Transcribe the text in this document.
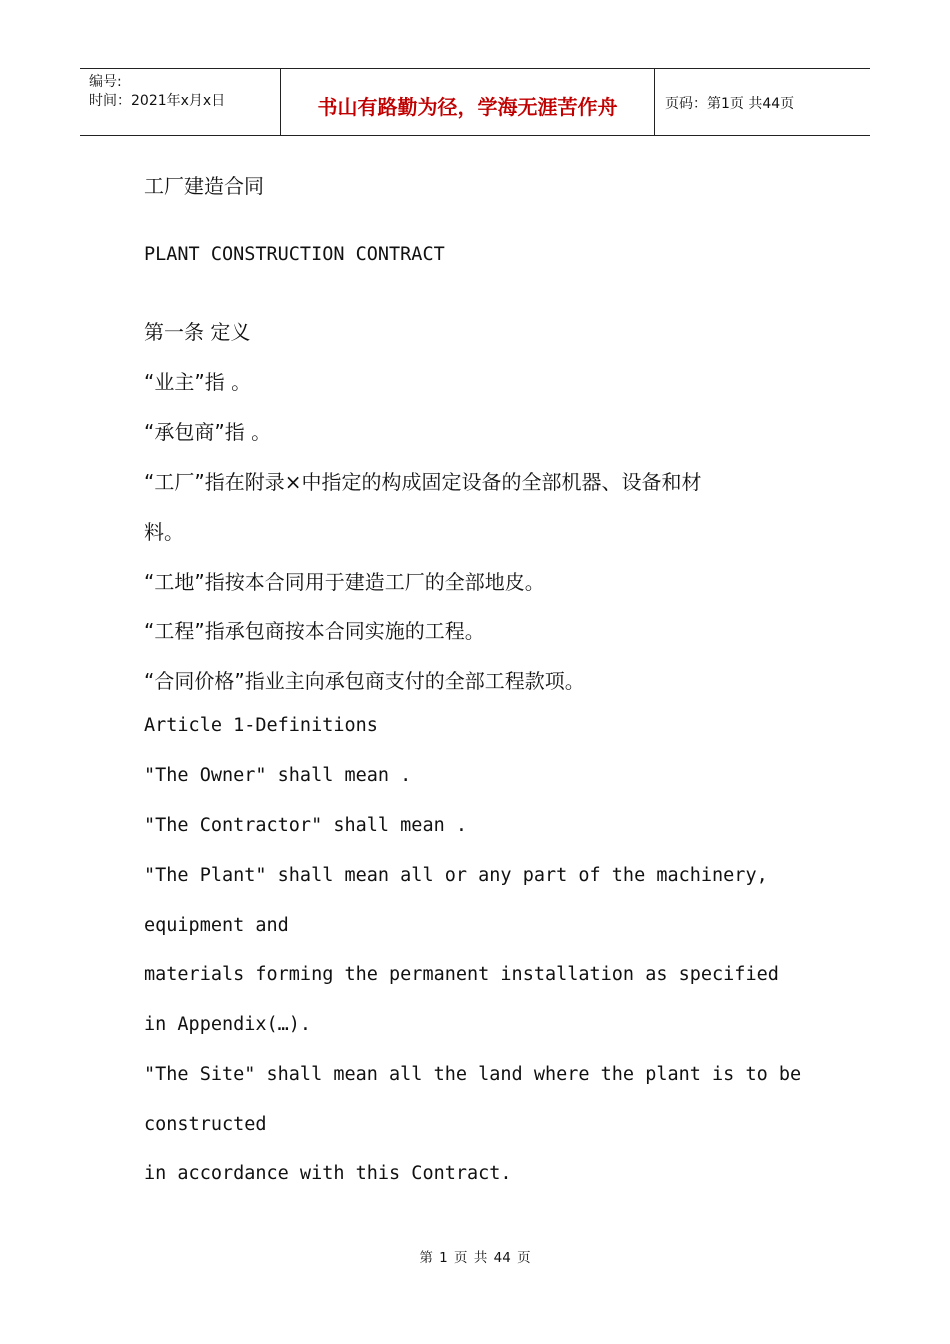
编号:
时间：2021年x月x日	书山有路勤为径，学海无涯苦作舟	页码：第1页 共44页
工厂建造合同
PLANT CONSTRUCTION CONTRACT
第一条 定义
“业主”指 。
“承包商”指 。
“工厂”指在附录×中指定的构成固定设备的全部机器、设备和材
料。
“工地”指按本合同用于建造工厂的全部地皮。
“工程”指承包商按本合同实施的工程。
“合同价格”指业主向承包商支付的全部工程款项。
Article 1-Definitions
"The Owner" shall mean .
"The Contractor" shall mean .
"The Plant" shall mean all or any part of the machinery,
equipment and
materials forming the permanent installation as specified
in Appendix(…).
"The Site" shall mean all the land where the plant is to be
constructed
in accordance with this Contract.
第 1 页 共 44 页
